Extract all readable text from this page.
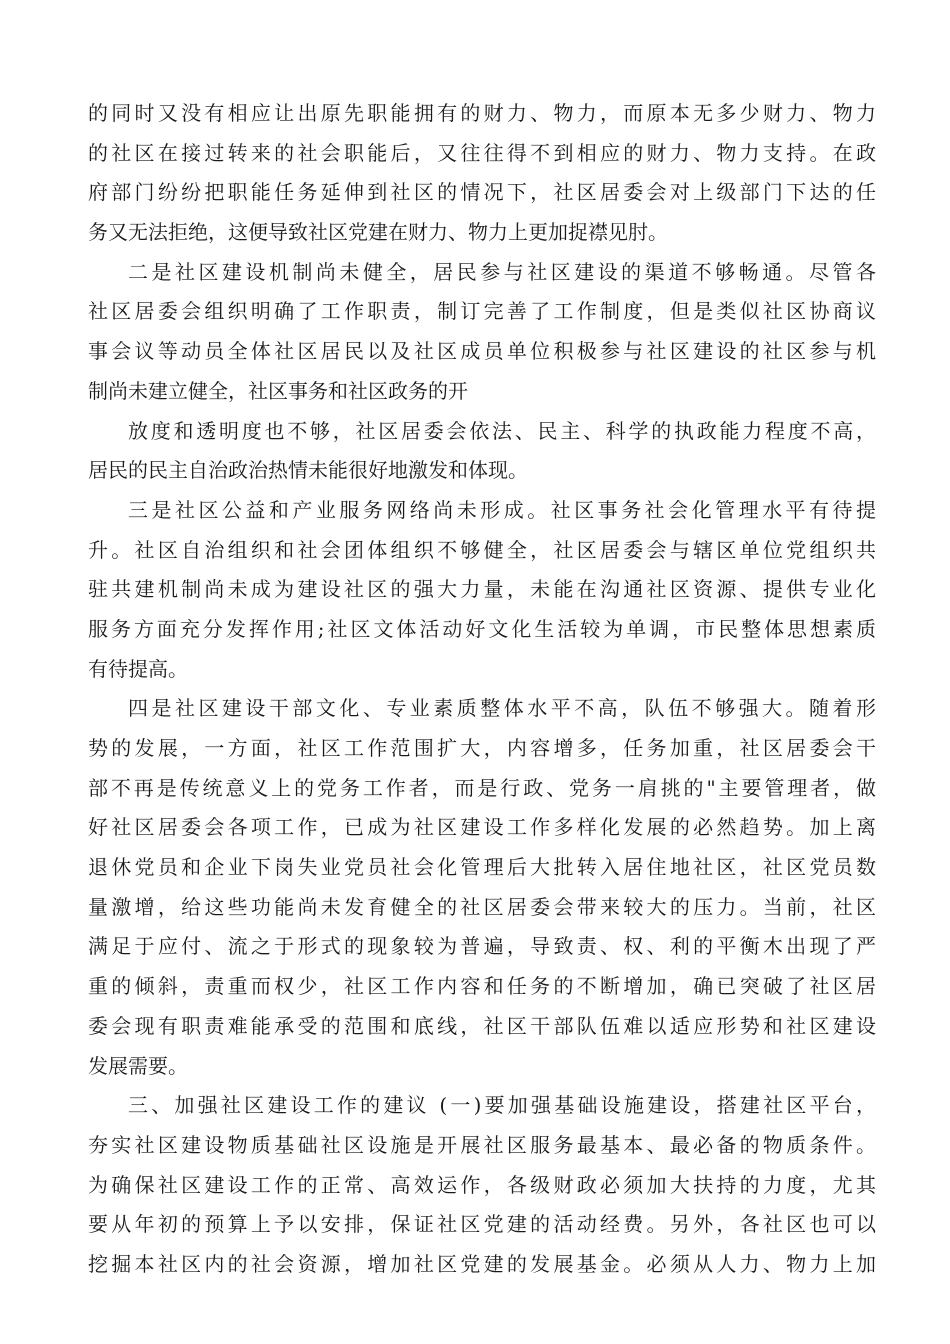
的同时又没有相应让出原先职能拥有的财力、物力，而原本无多少财力、物力
的社区在接过转来的社会职能后，又往往得不到相应的财力、物力支持。在政
府部门纷纷把职能任务延伸到社区的情况下，社区居委会对上级部门下达的任
务又无法拒绝，这便导致社区党建在财力、物力上更加捉襟见肘。
二是社区建设机制尚未健全，居民参与社区建设的渠道不够畅通。尽管各
社区居委会组织明确了工作职责，制订完善了工作制度，但是类似社区协商议
事会议等动员全体社区居民以及社区成员单位积极参与社区建设的社区参与机
制尚未建立健全，社区事务和社区政务的开
放度和透明度也不够，社区居委会依法、民主、科学的执政能力程度不高，
居民的民主自治政治热情未能很好地激发和体现。
三是社区公益和产业服务网络尚未形成。社区事务社会化管理水平有待提
升。社区自治组织和社会团体组织不够健全，社区居委会与辖区单位党组织共
驻共建机制尚未成为建设社区的强大力量，未能在沟通社区资源、提供专业化
服务方面充分发挥作用;社区文体活动好文化生活较为单调，市民整体思想素质
有待提高。
四是社区建设干部文化、专业素质整体水平不高，队伍不够强大。随着形
势的发展，一方面，社区工作范围扩大，内容增多，任务加重，社区居委会干
部不再是传统意义上的党务工作者，而是行政、党务一肩挑的"主要管理者，做
好社区居委会各项工作，已成为社区建设工作多样化发展的必然趋势。加上离
退休党员和企业下岗失业党员社会化管理后大批转入居住地社区，社区党员数
量激增，给这些功能尚未发育健全的社区居委会带来较大的压力。当前，社区
满足于应付、流之于形式的现象较为普遍，导致责、权、利的平衡木出现了严
重的倾斜，责重而权少，社区工作内容和任务的不断增加，确已突破了社区居
委会现有职责难能承受的范围和底线，社区干部队伍难以适应形势和社区建设
发展需要。
三、加强社区建设工作的建议 (一)要加强基础设施建设，搭建社区平台，
夯实社区建设物质基础社区设施是开展社区服务最基本、最必备的物质条件。
为确保社区建设工作的正常、高效运作，各级财政必须加大扶持的力度，尤其
要从年初的预算上予以安排，保证社区党建的活动经费。另外，各社区也可以
挖掘本社区内的社会资源，增加社区党建的发展基金。必须从人力、物力上加
